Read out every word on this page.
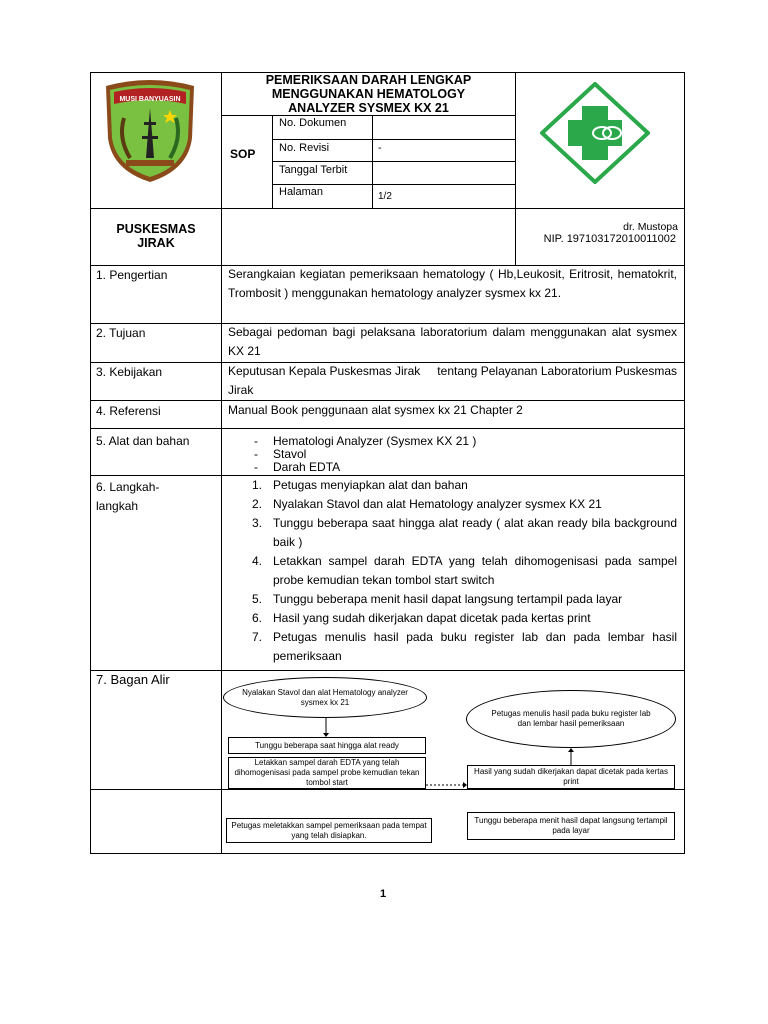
MUSI BANYUASIN
PEMERIKSAAN DARAH LENGKAP
MENGGUNAKAN HEMATOLOGY
ANALYZER SYSMEX KX 21
SOP
No. Dokumen
No. Revisi	-
Tanggal Terbit
Halaman	1/2
PUSKESMAS
JIRAK
dr. Mustopa
NIP. 197103172010011002
1. Pengertian	Serangkaian kegiatan pemeriksaan hematology ( Hb,Leukosit, Eritrosit, hematokrit, Trombosit ) menggunakan hematology analyzer sysmex kx 21.
2. Tujuan	Sebagai pedoman bagi pelaksana laboratorium dalam menggunakan alat sysmex KX 21
3. Kebijakan	Keputusan Kepala Puskesmas Jirak     tentang Pelayanan Laboratorium Puskesmas Jirak
4. Referensi	Manual Book penggunaan alat sysmex kx 21 Chapter 2
5. Alat dan bahan	- Hematologi Analyzer (Sysmex KX 21 )
- Stavol
- Darah EDTA
6. Langkah-
langkah
1. Petugas menyiapkan alat dan bahan
2. Nyalakan Stavol dan alat Hematology analyzer sysmex KX 21
3. Tunggu beberapa saat hingga alat ready ( alat akan ready bila background baik )
4. Letakkan sampel darah EDTA yang telah dihomogenisasi pada sampel probe kemudian tekan tombol start switch
5. Tunggu beberapa menit hasil dapat langsung tertampil pada layar
6. Hasil yang sudah dikerjakan dapat dicetak pada kertas print
7. Petugas menulis hasil pada buku register lab dan pada lembar hasil pemeriksaan
7. Bagan Alir
Nyalakan Stavol dan alat Hematology analyzer sysmex kx 21
Petugas menulis hasil pada buku register lab dan lembar hasil pemeriksaan
Tunggu beberapa saat hingga alat ready
Letakkan sampel darah EDTA yang telah dihomogenisasi pada sampel probe kemudian tekan tombol start
Hasil yang sudah dikerjakan dapat dicetak pada kertas print
Petugas meletakkan sampel pemeriksaan pada tempat yang telah disiapkan.
Tunggu beberapa menit hasil dapat langsung tertampil pada layar
1
